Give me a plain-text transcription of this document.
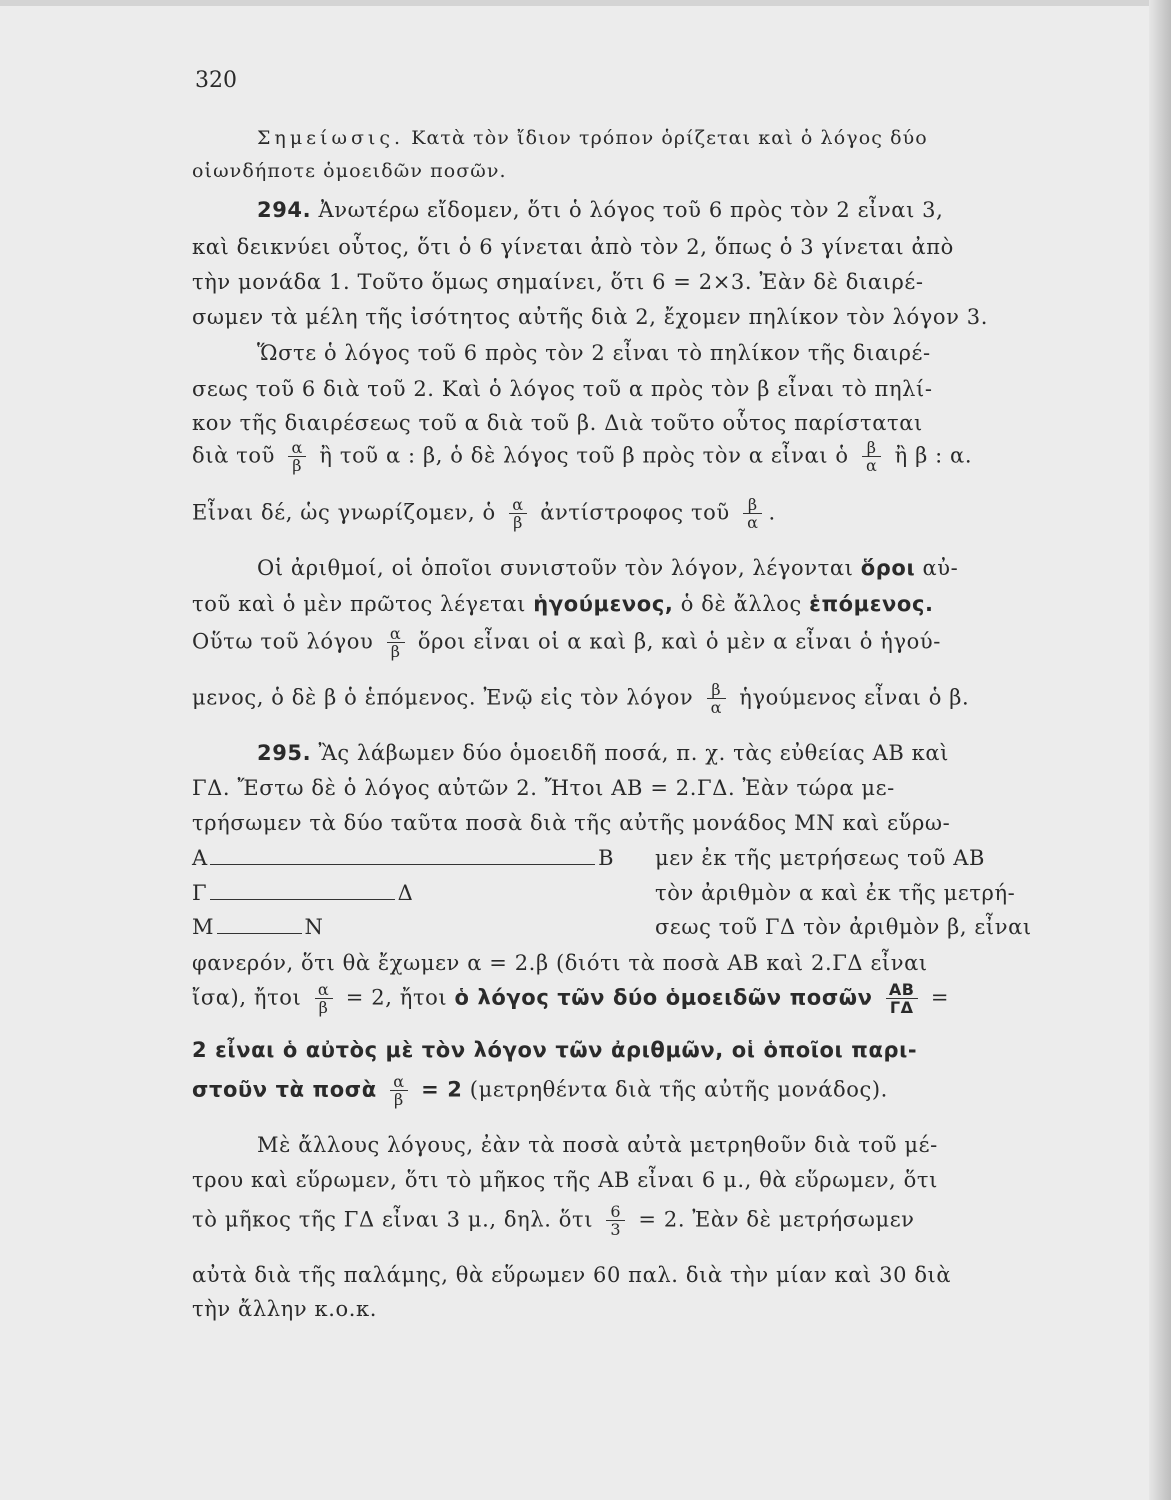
320
Σημείωσις. Κατὰ τὸν ἴδιον τρόπον ὁρίζεται καὶ ὁ λόγος δύο
οἱωνδήποτε ὁμοειδῶν ποσῶν.
294. Ἀνωτέρω εἴδομεν, ὅτι ὁ λόγος τοῦ 6 πρὸς τὸν 2 εἶναι 3,
καὶ δεικνύει οὗτος, ὅτι ὁ 6 γίνεται ἀπὸ τὸν 2, ὅπως ὁ 3 γίνεται ἀπὸ
τὴν μονάδα 1. Τοῦτο ὅμως σημαίνει, ὅτι 6 = 2×3. Ἐὰν δὲ διαιρέ-
σωμεν τὰ μέλη τῆς ἰσότητος αὐτῆς διὰ 2, ἔχομεν πηλίκον τὸν λόγον 3.
Ὥστε ὁ λόγος τοῦ 6 πρὸς τὸν 2 εἶναι τὸ πηλίκον τῆς διαιρέ-
σεως τοῦ 6 διὰ τοῦ 2. Καὶ ὁ λόγος τοῦ α πρὸς τὸν β εἶναι τὸ πηλί-
κον τῆς διαιρέσεως τοῦ α διὰ τοῦ β. Διὰ τοῦτο οὗτος παρίσταται
διὰ τοῦ $\frac{\alpha}{\beta}$ ἢ τοῦ α : β, ὁ δὲ λόγος τοῦ β πρὸς τὸν α εἶναι ὁ $\frac{\beta}{\alpha}$ ἢ β : α.
Εἶναι δέ, ὡς γνωρίζομεν, ὁ $\frac{\alpha}{\beta}$ ἀντίστροφος τοῦ $\frac{\beta}{\alpha}$ .
Οἱ ἀριθμοί, οἱ ὁποῖοι συνιστοῦν τὸν λόγον, λέγονται ὅροι αὐ-
τοῦ καὶ ὁ μὲν πρῶτος λέγεται ἡγούμενος, ὁ δὲ ἄλλος ἑπόμενος.
Οὕτω τοῦ λόγου $\frac{\alpha}{\beta}$ ὅροι εἶναι οἱ α καὶ β, καὶ ὁ μὲν α εἶναι ὁ ἡγού-
μενος, ὁ δὲ β ὁ ἑπόμενος. Ἐνῷ εἰς τὸν λόγον $\frac{\beta}{\alpha}$ ἡγούμενος εἶναι ὁ β.
295. Ἂς λάβωμεν δύο ὁμοειδῆ ποσά, π. χ. τὰς εὐθείας ΑΒ καὶ
ΓΔ. Ἔστω δὲ ὁ λόγος αὐτῶν 2. Ἤτοι ΑΒ = 2.ΓΔ. Ἐὰν τώρα με-
τρήσωμεν τὰ δύο ταῦτα ποσὰ διὰ τῆς αὐτῆς μονάδος ΜΝ καὶ εὕρω-
Α	Β
Γ	Δ
Μ	Ν
μεν ἐκ τῆς μετρήσεως τοῦ ΑΒ
τὸν ἀριθμὸν α καὶ ἐκ τῆς μετρή-
σεως τοῦ ΓΔ τὸν ἀριθμὸν β, εἶναι
φανερόν, ὅτι θὰ ἔχωμεν α = 2.β (διότι τὰ ποσὰ ΑΒ καὶ 2.ΓΔ εἶναι
ἴσα), ἤτοι $\frac{\alpha}{\beta} = 2$, ἤτοι ὁ λόγος τῶν δύο ὁμοειδῶν ποσῶν $\frac{AB}{\Gamma\Delta}$ =
2 εἶναι ὁ αὐτὸς μὲ τὸν λόγον τῶν ἀριθμῶν, οἱ ὁποῖοι παρι-
στοῦν τὰ ποσὰ $\frac{\alpha}{\beta} = 2$ (μετρηθέντα διὰ τῆς αὐτῆς μονάδος).
Μὲ ἄλλους λόγους, ἐὰν τὰ ποσὰ αὐτὰ μετρηθοῦν διὰ τοῦ μέ-
τρου καὶ εὕρωμεν, ὅτι τὸ μῆκος τῆς ΑΒ εἶναι 6 μ., θὰ εὕρωμεν, ὅτι
τὸ μῆκος τῆς ΓΔ εἶναι 3 μ., δηλ. ὅτι $\frac{6}{3} = 2$. Ἐὰν δὲ μετρήσωμεν
αὐτὰ διὰ τῆς παλάμης, θὰ εὕρωμεν 60 παλ. διὰ τὴν μίαν καὶ 30 διὰ
τὴν ἄλλην κ.ο.κ.
